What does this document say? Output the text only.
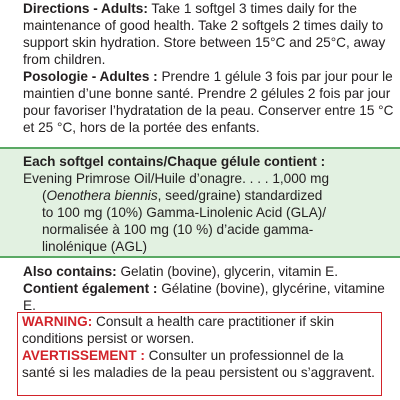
Directions - Adults: Take 1 softgel 3 times daily for the maintenance of good health. Take 2 softgels 2 times daily to support skin hydration. Store between 15°C and 25°C, away from children.

Posologie - Adultes : Prendre 1 gélule 3 fois par jour pour le maintien d’une bonne santé. Prendre 2 gélules 2 fois par jour pour favoriser l’hydratation de la peau. Conserver entre 15 °C et 25 °C, hors de la portée des enfants.

Each softgel contains/Chaque gélule contient :
Evening Primrose Oil/Huile d’onagre. . . . 1,000 mg
(Oenothera biennis, seed/graine) standardized
to 100 mg (10%) Gamma-Linolenic Acid (GLA)/
normalisée à 100 mg (10 %) d’acide gamma-
linolénique (AGL)
Also contains: Gelatin (bovine), glycerin, vitamin E.
Contient également : Gélatine (bovine), glycérine, vitamine E.
WARNING: Consult a health care practitioner if skin conditions persist or worsen.
AVERTISSEMENT : Consulter un professionnel de la santé si les maladies de la peau persistent ou s’aggravent.
